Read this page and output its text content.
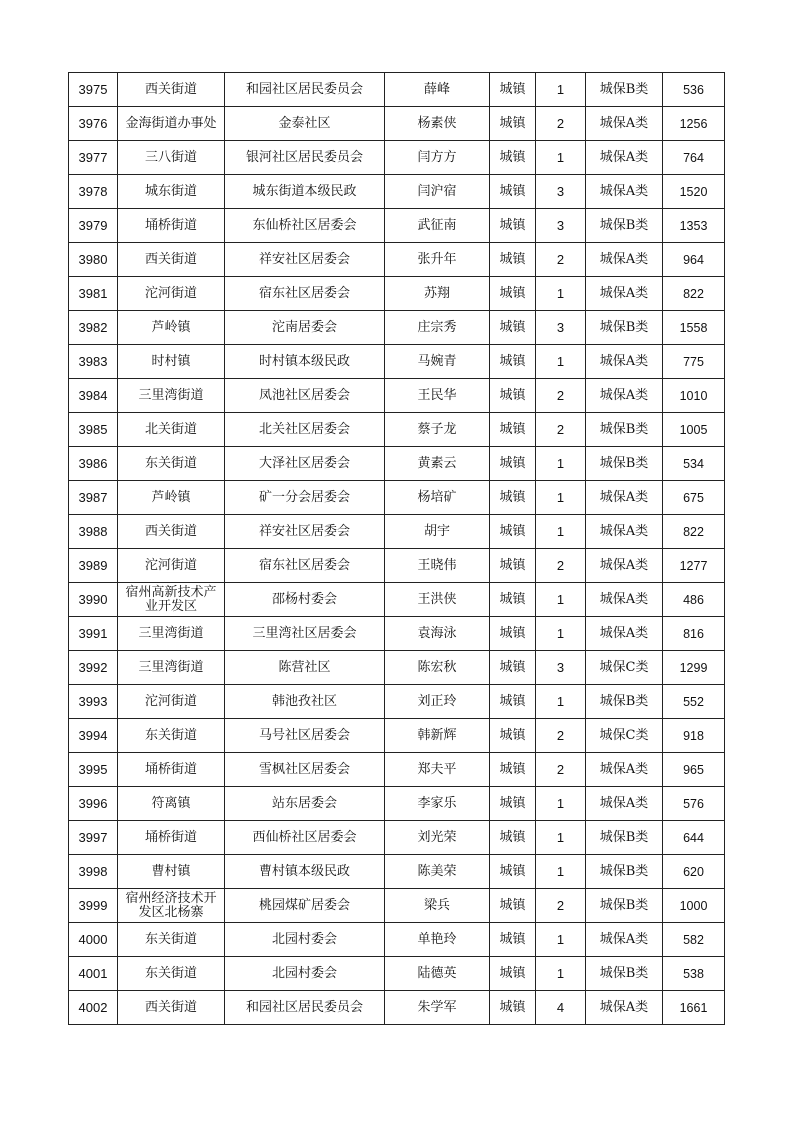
3975	西关街道	和园社区居民委员会	薛峰	城镇	1	城保B类	536
3976	金海街道办事处	金泰社区	杨素侠	城镇	2	城保A类	1256
3977	三八街道	银河社区居民委员会	闫方方	城镇	1	城保A类	764
3978	城东街道	城东街道本级民政	闫沪宿	城镇	3	城保A类	1520
3979	埇桥街道	东仙桥社区居委会	武征南	城镇	3	城保B类	1353
3980	西关街道	祥安社区居委会	张升年	城镇	2	城保A类	964
3981	沱河街道	宿东社区居委会	苏翔	城镇	1	城保A类	822
3982	芦岭镇	沱南居委会	庄宗秀	城镇	3	城保B类	1558
3983	时村镇	时村镇本级民政	马婉青	城镇	1	城保A类	775
3984	三里湾街道	凤池社区居委会	王民华	城镇	2	城保A类	1010
3985	北关街道	北关社区居委会	蔡子龙	城镇	2	城保B类	1005
3986	东关街道	大泽社区居委会	黄素云	城镇	1	城保B类	534
3987	芦岭镇	矿一分会居委会	杨培矿	城镇	1	城保A类	675
3988	西关街道	祥安社区居委会	胡宇	城镇	1	城保A类	822
3989	沱河街道	宿东社区居委会	王晓伟	城镇	2	城保A类	1277
3990	宿州高新技术产业开发区	邵杨村委会	王洪侠	城镇	1	城保A类	486
3991	三里湾街道	三里湾社区居委会	袁海泳	城镇	1	城保A类	816
3992	三里湾街道	陈营社区	陈宏秋	城镇	3	城保C类	1299
3993	沱河街道	韩池孜社区	刘正玲	城镇	1	城保B类	552
3994	东关街道	马号社区居委会	韩新辉	城镇	2	城保C类	918
3995	埇桥街道	雪枫社区居委会	郑夫平	城镇	2	城保A类	965
3996	符离镇	站东居委会	李家乐	城镇	1	城保A类	576
3997	埇桥街道	西仙桥社区居委会	刘光荣	城镇	1	城保B类	644
3998	曹村镇	曹村镇本级民政	陈美荣	城镇	1	城保B类	620
3999	宿州经济技术开发区北杨寨	桃园煤矿居委会	梁兵	城镇	2	城保B类	1000
4000	东关街道	北园村委会	单艳玲	城镇	1	城保A类	582
4001	东关街道	北园村委会	陆德英	城镇	1	城保B类	538
4002	西关街道	和园社区居民委员会	朱学军	城镇	4	城保A类	1661
